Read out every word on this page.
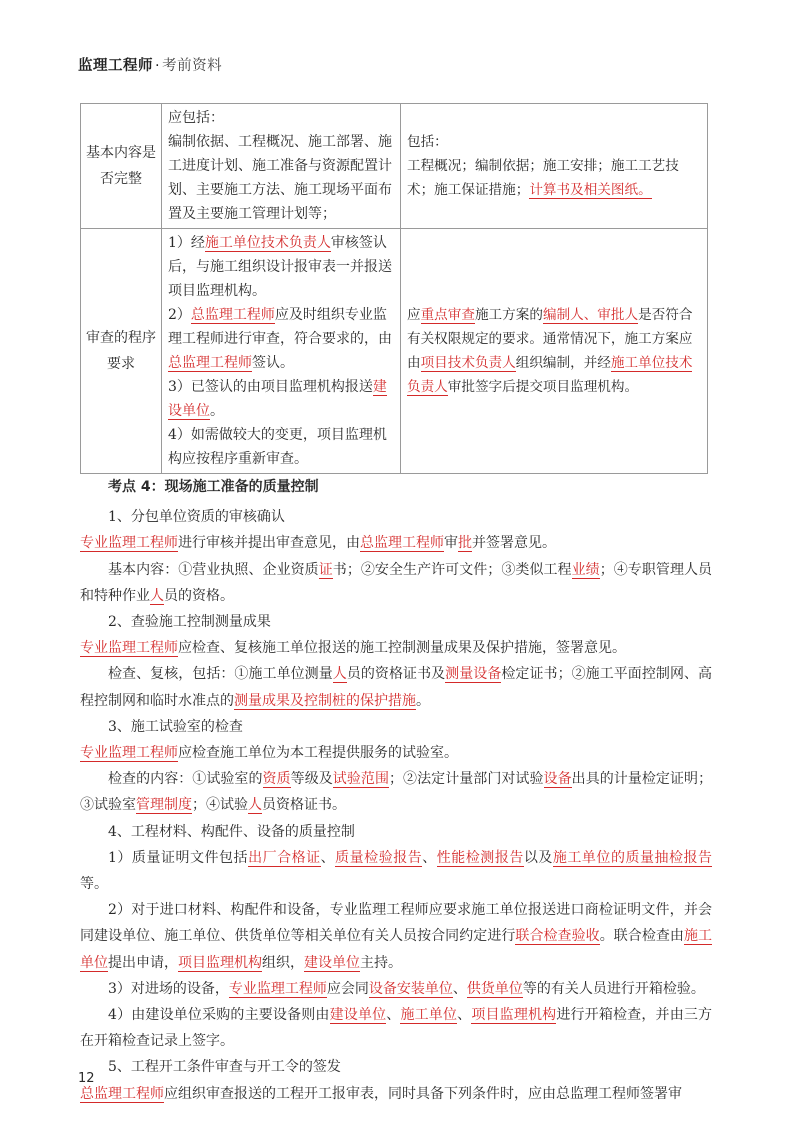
监理工程师 · 考前资料
基本内容是否完整	应包括：
编制依据、工程概况、施工部署、施工进度计划、施工准备与资源配置计划、主要施工方法、施工现场平面布置及主要施工管理计划等；	包括：
工程概况；编制依据；施工安排；施工工艺技术；施工保证措施；计算书及相关图纸。
审查的程序要求	1）经施工单位技术负责人审核签认后，与施工组织设计报审表一并报送项目监理机构。
2）总监理工程师应及时组织专业监理工程师进行审查，符合要求的，由总监理工程师签认。
3）已签认的由项目监理机构报送建设单位。
4）如需做较大的变更，项目监理机构应按程序重新审查。	应重点审查施工方案的编制人、审批人是否符合有关权限规定的要求。通常情况下，施工方案应由项目技术负责人组织编制，并经施工单位技术负责人审批签字后提交项目监理机构。

考点 4：现场施工准备的质量控制

1、分包单位资质的审核确认

专业监理工程师进行审核并提出审查意见，由总监理工程师审批并签署意见。

基本内容：①营业执照、企业资质证书；②安全生产许可文件；③类似工程业绩；④专职管理人员和特种作业人员的资格。

2、查验施工控制测量成果

专业监理工程师应检查、复核施工单位报送的施工控制测量成果及保护措施，签署意见。

检查、复核，包括：①施工单位测量人员的资格证书及测量设备检定证书；②施工平面控制网、高程控制网和临时水准点的测量成果及控制桩的保护措施。

3、施工试验室的检查

专业监理工程师应检查施工单位为本工程提供服务的试验室。

检查的内容：①试验室的资质等级及试验范围；②法定计量部门对试验设备出具的计量检定证明；③试验室管理制度；④试验人员资格证书。

4、工程材料、构配件、设备的质量控制

1）质量证明文件包括出厂合格证、质量检验报告、性能检测报告以及施工单位的质量抽检报告等。

2）对于进口材料、构配件和设备，专业监理工程师应要求施工单位报送进口商检证明文件，并会同建设单位、施工单位、供货单位等相关单位有关人员按合同约定进行联合检查验收。联合检查由施工单位提出申请，项目监理机构组织，建设单位主持。

3）对进场的设备，专业监理工程师应会同设备安装单位、供货单位等的有关人员进行开箱检验。

4）由建设单位采购的主要设备则由建设单位、施工单位、项目监理机构进行开箱检查，并由三方在开箱检查记录上签字。

5、工程开工条件审查与开工令的签发

总监理工程师应组织审查报送的工程开工报审表，同时具备下列条件时，应由总监理工程师签署审

12
